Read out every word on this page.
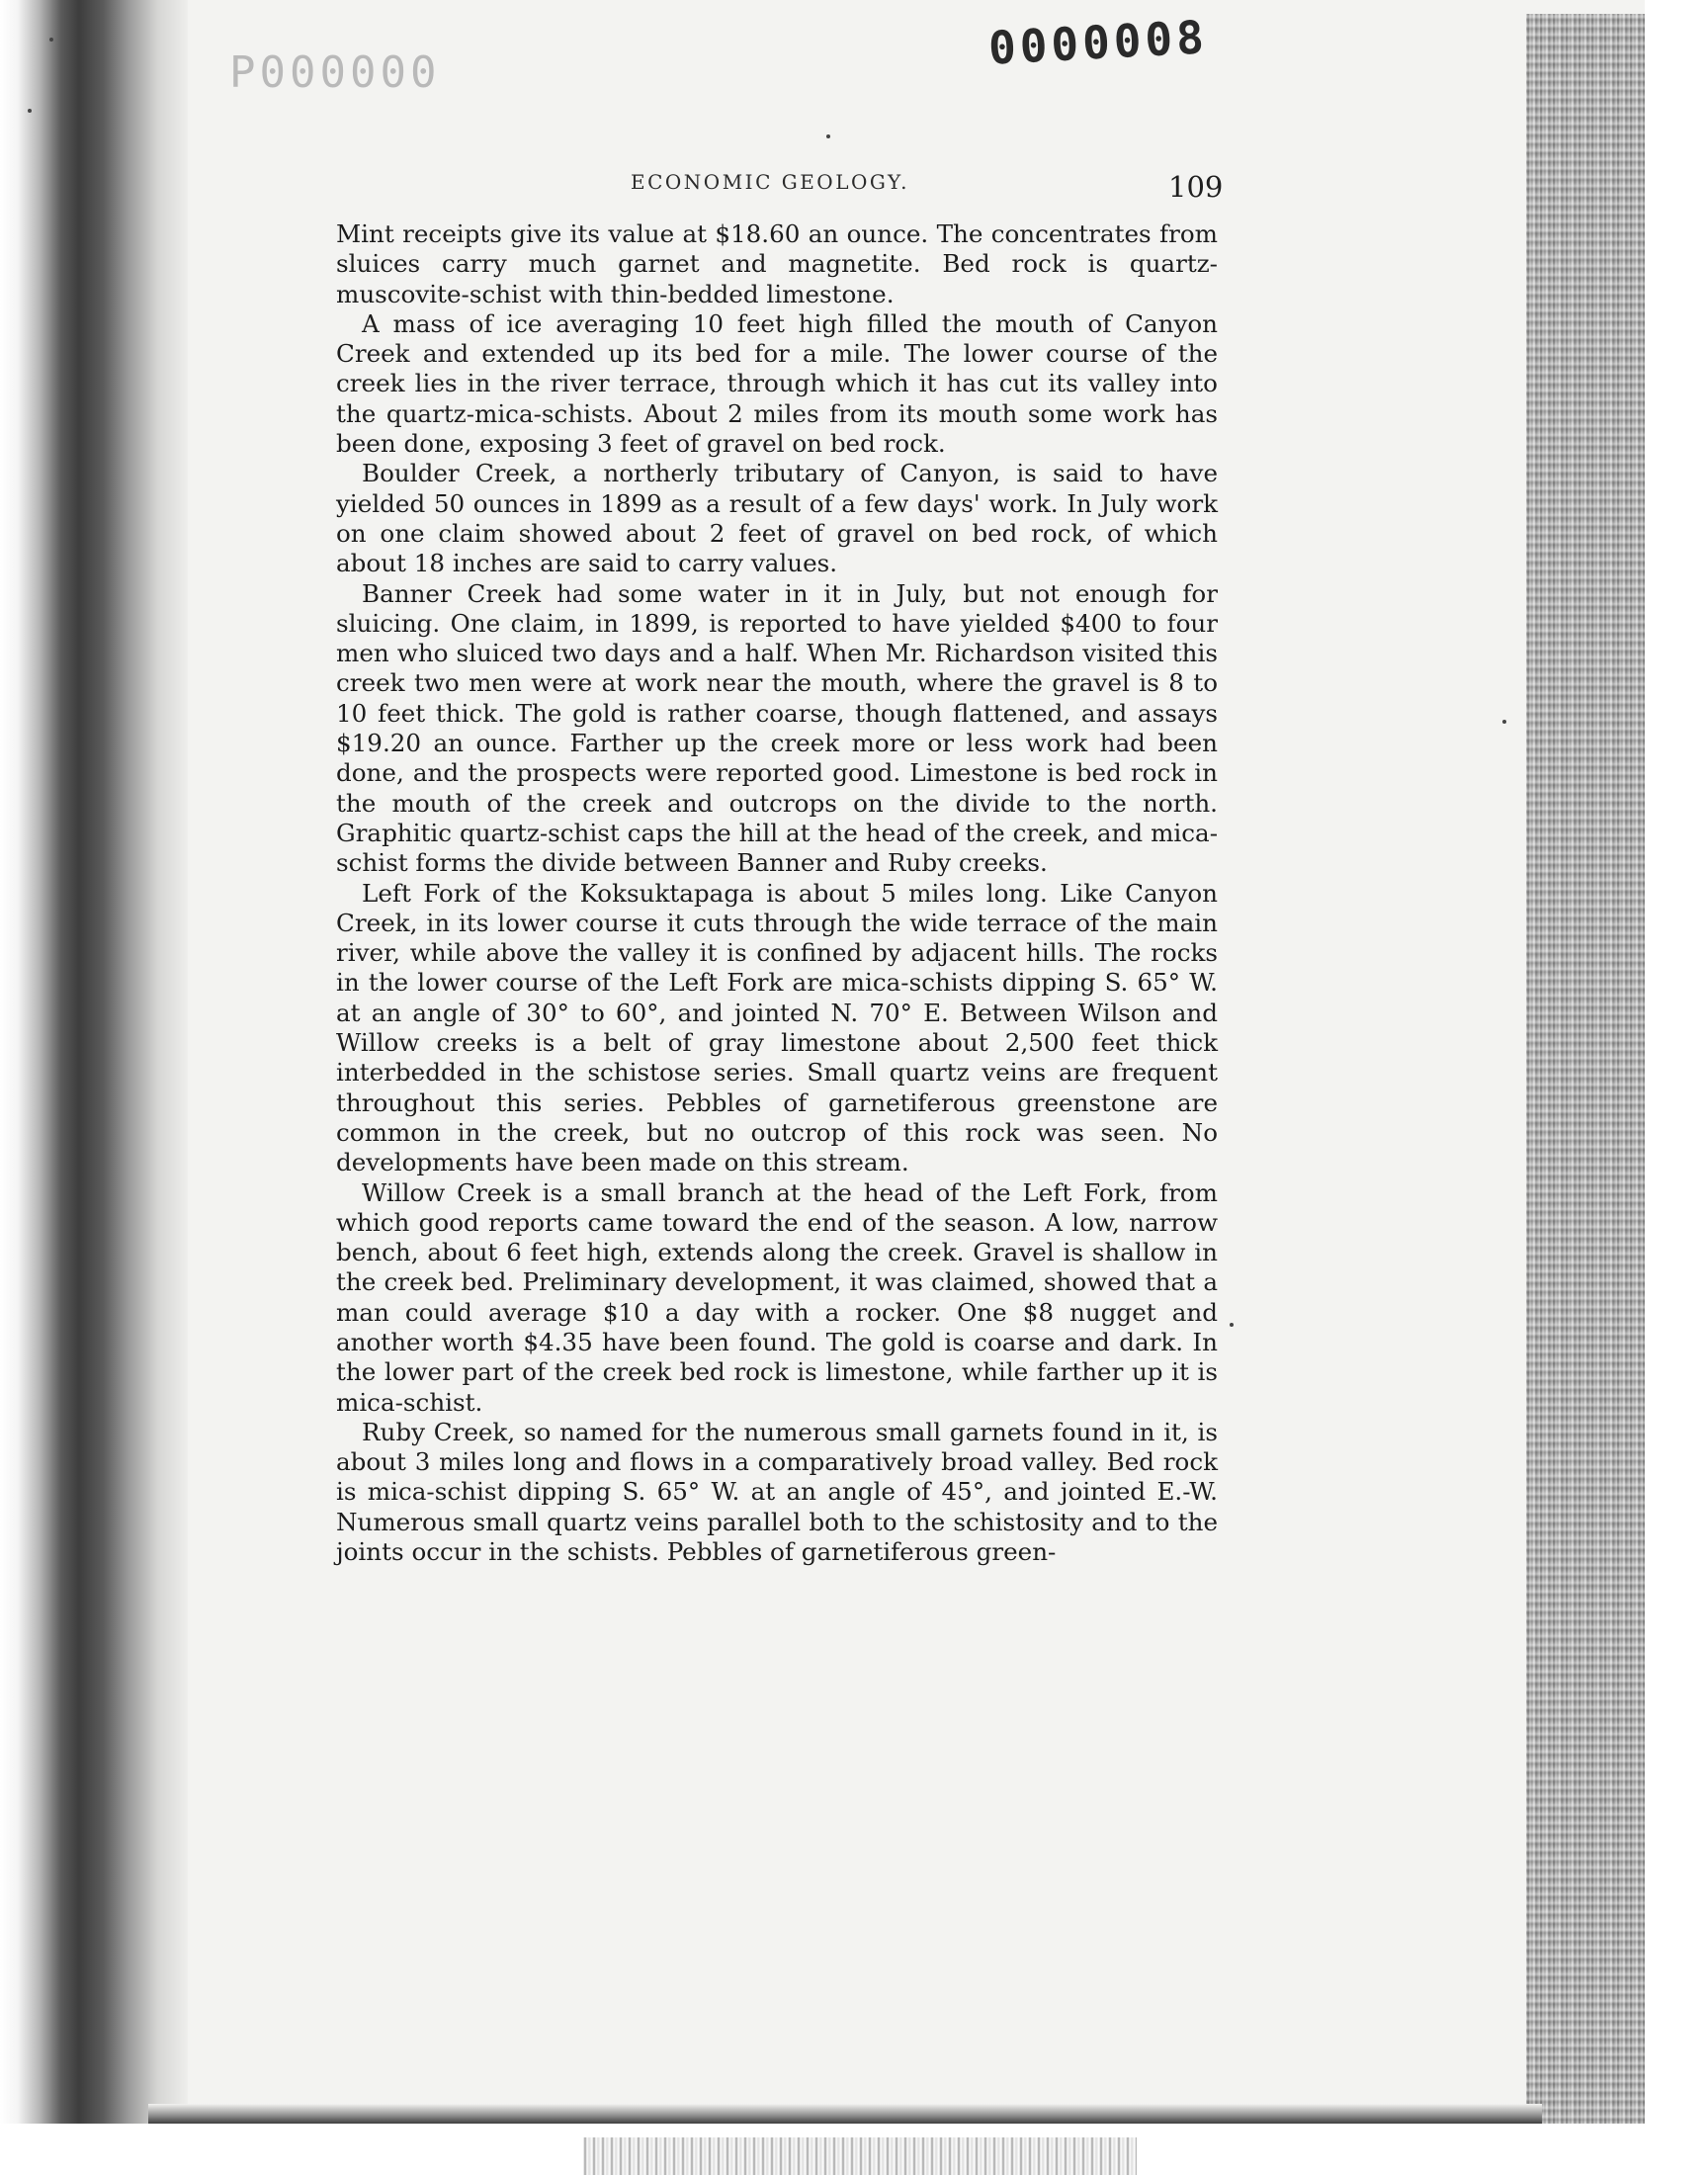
0000008
P000000
ECONOMIC GEOLOGY.	109

Mint receipts give its value at $18.60 an ounce. The concentrates from sluices carry much garnet and magnetite. Bed rock is quartz-muscovite-schist with thin-bedded limestone.

A mass of ice averaging 10 feet high filled the mouth of Canyon Creek and extended up its bed for a mile. The lower course of the creek lies in the river terrace, through which it has cut its valley into the quartz-mica-schists. About 2 miles from its mouth some work has been done, exposing 3 feet of gravel on bed rock.

Boulder Creek, a northerly tributary of Canyon, is said to have yielded 50 ounces in 1899 as a result of a few days' work. In July work on one claim showed about 2 feet of gravel on bed rock, of which about 18 inches are said to carry values.

Banner Creek had some water in it in July, but not enough for sluicing. One claim, in 1899, is reported to have yielded $400 to four men who sluiced two days and a half. When Mr. Richardson visited this creek two men were at work near the mouth, where the gravel is 8 to 10 feet thick. The gold is rather coarse, though flattened, and assays $19.20 an ounce. Farther up the creek more or less work had been done, and the prospects were reported good. Limestone is bed rock in the mouth of the creek and outcrops on the divide to the north. Graphitic quartz-schist caps the hill at the head of the creek, and mica-schist forms the divide between Banner and Ruby creeks.

Left Fork of the Koksuktapaga is about 5 miles long. Like Canyon Creek, in its lower course it cuts through the wide terrace of the main river, while above the valley it is confined by adjacent hills. The rocks in the lower course of the Left Fork are mica-schists dipping S. 65° W. at an angle of 30° to 60°, and jointed N. 70° E. Between Wilson and Willow creeks is a belt of gray limestone about 2,500 feet thick interbedded in the schistose series. Small quartz veins are frequent throughout this series. Pebbles of garnetiferous greenstone are common in the creek, but no outcrop of this rock was seen. No developments have been made on this stream.

Willow Creek is a small branch at the head of the Left Fork, from which good reports came toward the end of the season. A low, narrow bench, about 6 feet high, extends along the creek. Gravel is shallow in the creek bed. Preliminary development, it was claimed, showed that a man could average $10 a day with a rocker. One $8 nugget and another worth $4.35 have been found. The gold is coarse and dark. In the lower part of the creek bed rock is limestone, while farther up it is mica-schist.

Ruby Creek, so named for the numerous small garnets found in it, is about 3 miles long and flows in a comparatively broad valley. Bed rock is mica-schist dipping S. 65° W. at an angle of 45°, and jointed E.-W. Numerous small quartz veins parallel both to the schistosity and to the joints occur in the schists. Pebbles of garnetiferous green-
